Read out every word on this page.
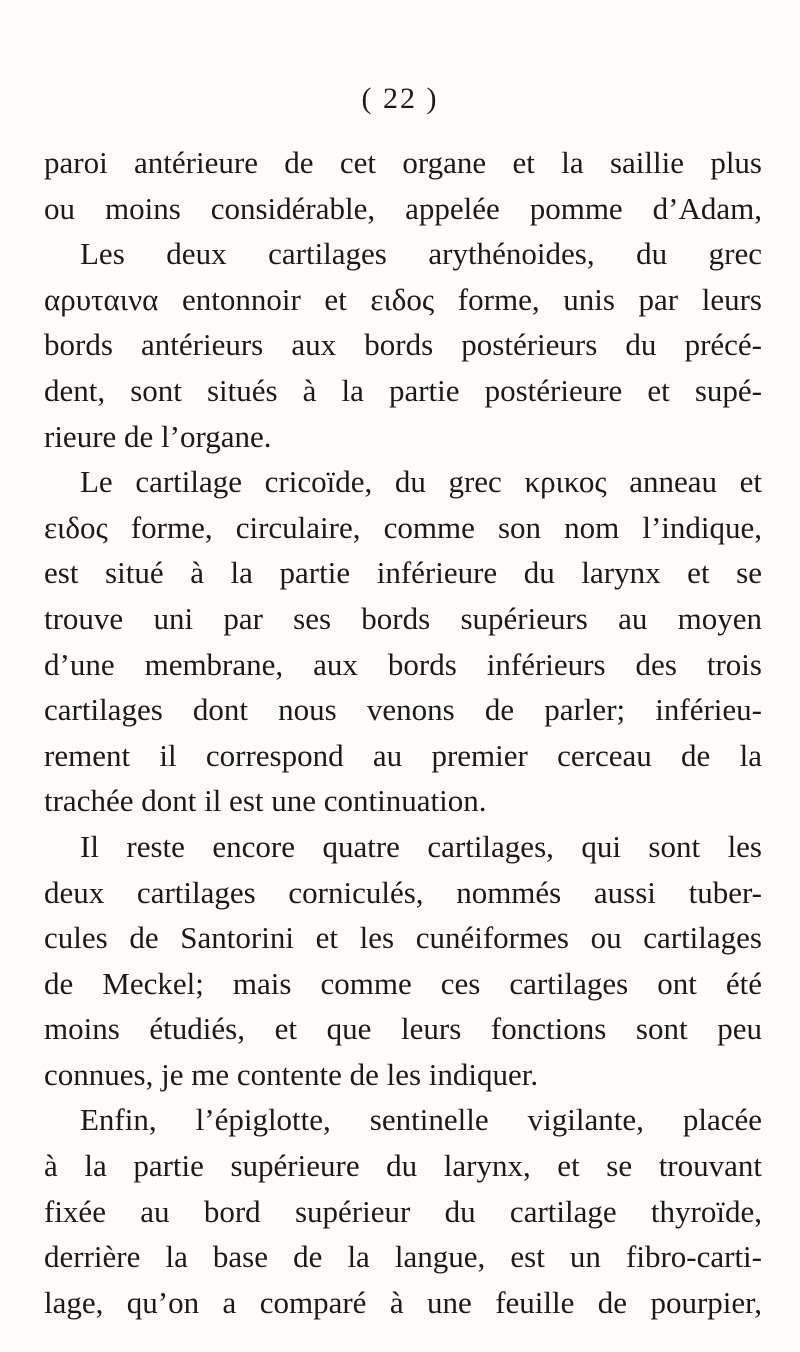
( 22 )
paroi antérieure de cet organe et la saillie plus
ou moins considérable, appelée pomme d’Adam,
Les deux cartilages arythénoides, du grec
αρυταινα entonnoir et ειδος forme, unis par leurs
bords antérieurs aux bords postérieurs du précé-
dent, sont situés à la partie postérieure et supé-
rieure de l’organe.
Le cartilage cricoïde, du grec κρικος anneau et
ειδος forme, circulaire, comme son nom l’indique,
est situé à la partie inférieure du larynx et se
trouve uni par ses bords supérieurs au moyen
d’une membrane, aux bords inférieurs des trois
cartilages dont nous venons de parler; inférieu-
rement il correspond au premier cerceau de la
trachée dont il est une continuation.
Il reste encore quatre cartilages, qui sont les
deux cartilages corniculés, nommés aussi tuber-
cules de Santorini et les cunéiformes ou cartilages
de Meckel; mais comme ces cartilages ont été
moins étudiés, et que leurs fonctions sont peu
connues, je me contente de les indiquer.
Enfin, l’épiglotte, sentinelle vigilante, placée
à la partie supérieure du larynx, et se trouvant
fixée au bord supérieur du cartilage thyroïde,
derrière la base de la langue, est un fibro-carti-
lage, qu’on a comparé à une feuille de pourpier,
